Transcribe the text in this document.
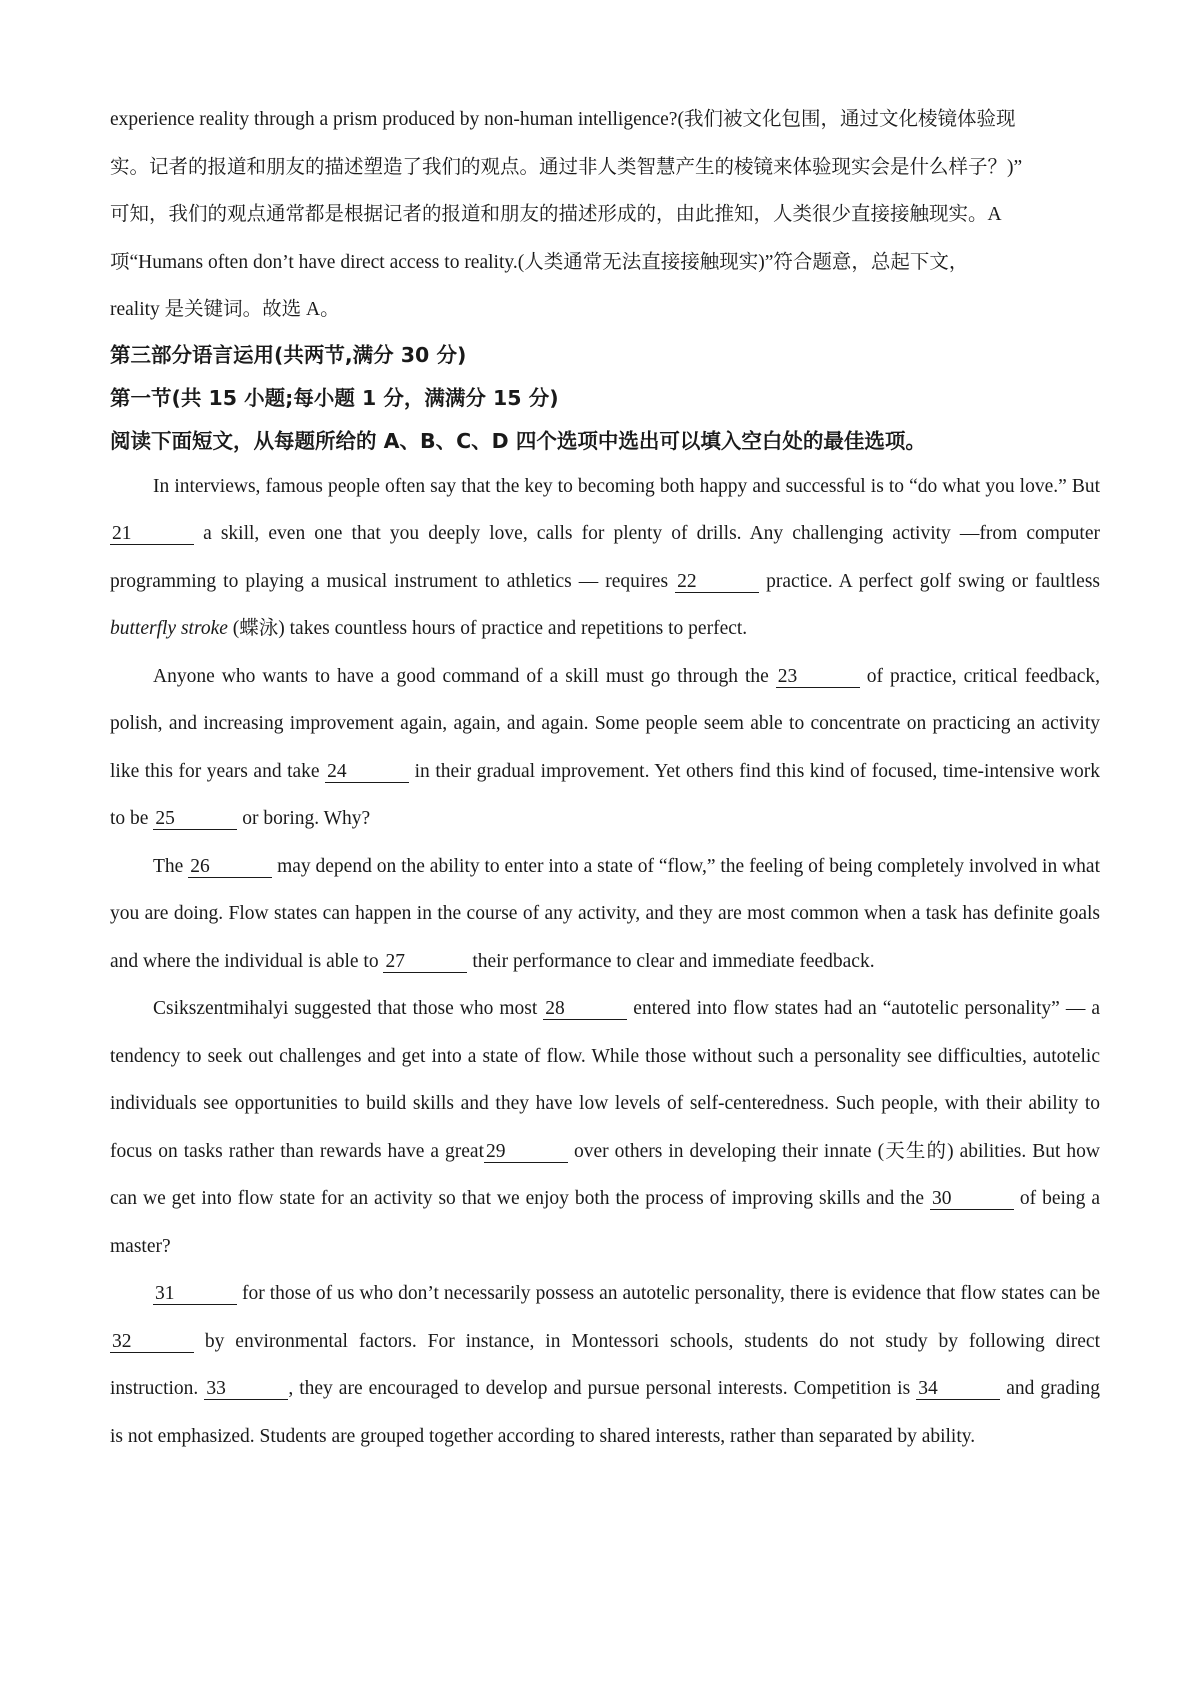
experience reality through a prism produced by non-human intelligence?(我们被文化包围，通过文化棱镜体验现

实。记者的报道和朋友的描述塑造了我们的观点。通过非人类智慧产生的棱镜来体验现实会是什么样子？)”

可知，我们的观点通常都是根据记者的报道和朋友的描述形成的，由此推知，人类很少直接接触现实。A

项“Humans often don’t have direct access to reality.(人类通常无法直接接触现实)”符合题意，总起下文，

reality 是关键词。故选 A。

第三部分语言运用(共两节,满分 30 分)

第一节(共 15 小题;每小题 1 分，满满分 15 分)

阅读下面短文，从每题所给的 A、B、C、D 四个选项中选出可以填入空白处的最佳选项。

In interviews, famous people often say that the key to becoming both happy and successful is to “do what you love.” But 21	a skill, even one that you deeply love, calls for plenty of drills. Any challenging activity —from computer programming to playing a musical instrument to athletics — requires 22	practice. A perfect golf swing or faultless butterfly stroke (蝶泳) takes countless hours of practice and repetitions to perfect.

Anyone who wants to have a good command of a skill must go through the 23	of practice, critical feedback, polish, and increasing improvement again, again, and again. Some people seem able to concentrate on practicing an activity like this for years and take 24	in their gradual improvement. Yet others find this kind of focused, time-intensive work to be 25	or boring. Why?

The 26	may depend on the ability to enter into a state of “flow,” the feeling of being completely involved in what you are doing. Flow states can happen in the course of any activity, and they are most common when a task has definite goals and where the individual is able to 27	their performance to clear and immediate feedback.

Csikszentmihalyi suggested that those who most 28	entered into flow states had an “autotelic personality” — a tendency to seek out challenges and get into a state of flow. While those without such a personality see difficulties, autotelic individuals see opportunities to build skills and they have low levels of self-centeredness. Such people, with their ability to focus on tasks rather than rewards have a great 29	over others in developing their innate (天生的) abilities. But how can we get into flow state for an activity so that we enjoy both the process of improving skills and the 30	of being a master?

31	for those of us who don’t necessarily possess an autotelic personality, there is evidence that flow states can be 32	by environmental factors. For instance, in Montessori schools, students do not study by following direct instruction. 33	, they are encouraged to develop and pursue personal interests. Competition is 34	and grading is not emphasized. Students are grouped together according to shared interests, rather than separated by ability.
